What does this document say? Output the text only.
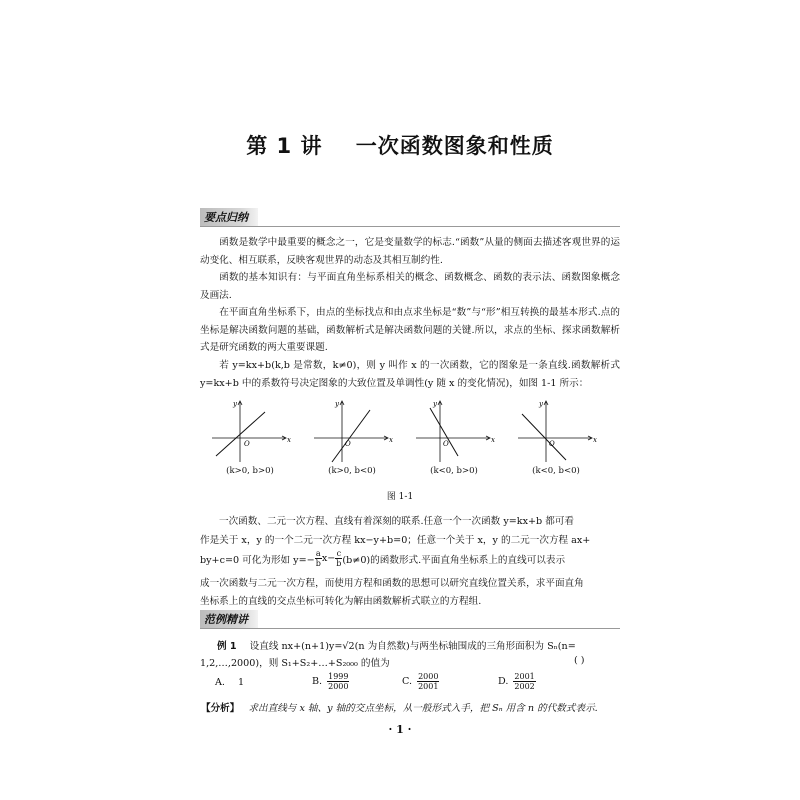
第 1 讲    一次函数图象和性质
要点归纳

函数是数学中最重要的概念之一，它是变量数学的标志.“函数”从量的侧面去描述客观世界的运动变化、相互联系，反映客观世界的动态及其相互制约性.

函数的基本知识有：与平面直角坐标系相关的概念、函数概念、函数的表示法、函数图象概念及画法.

在平面直角坐标系下，由点的坐标找点和由点求坐标是“数”与“形”相互转换的最基本形式.点的坐标是解决函数问题的基础，函数解析式是解决函数问题的关键.所以，求点的坐标、探求函数解析式是研究函数的两大重要课题.

若 y=kx+b(k,b 是常数，k≠0)，则 y 叫作 x 的一次函数，它的图象是一条直线.函数解析式 y=kx+b 中的系数符号决定图象的大致位置及单调性(y 随 x 的变化情况)，如图 1-1 所示：

x
y
O
(k>0, b>0)
x
y
O
(k>0, b<0)
x
y
O
(k<0, b>0)
x
y
O
(k<0, b<0)
图 1-1
一次函数、二元一次方程、直线有着深刻的联系.任意一个一次函数 y=kx+b 都可看
作是关于 x，y 的一个二元一次方程 kx−y+b=0；任意一个关于 x，y 的二元一次方程 ax+
by+c=0 可化为形如 $y=- \frac{a}{b} x- \frac{c}{b} (b\ne 0)$的函数形式.平面直角坐标系上的直线可以表示
成一次函数与二元一次方程，而使用方程和函数的思想可以研究直线位置关系，求平面直角
坐标系上的直线的交点坐标可转化为解由函数解析式联立的方程组.
范例精讲
例 1 设直线 nx+(n+1)y=√2(n 为自然数)与两坐标轴围成的三角形面积为 Sₙ(n=
1,2,…,2000)，则 S₁+S₂+…+S₂₀₀₀ 的值为	( )
A. 1	B. $\frac{1999}{2000}$	C. $\frac{2000}{2001}$	D. $\frac{2001}{2002}$
【分析】 求出直线与 x 轴、y 轴的交点坐标，从一般形式入手，把 Sₙ 用含 n 的代数式表示.
· 1 ·
